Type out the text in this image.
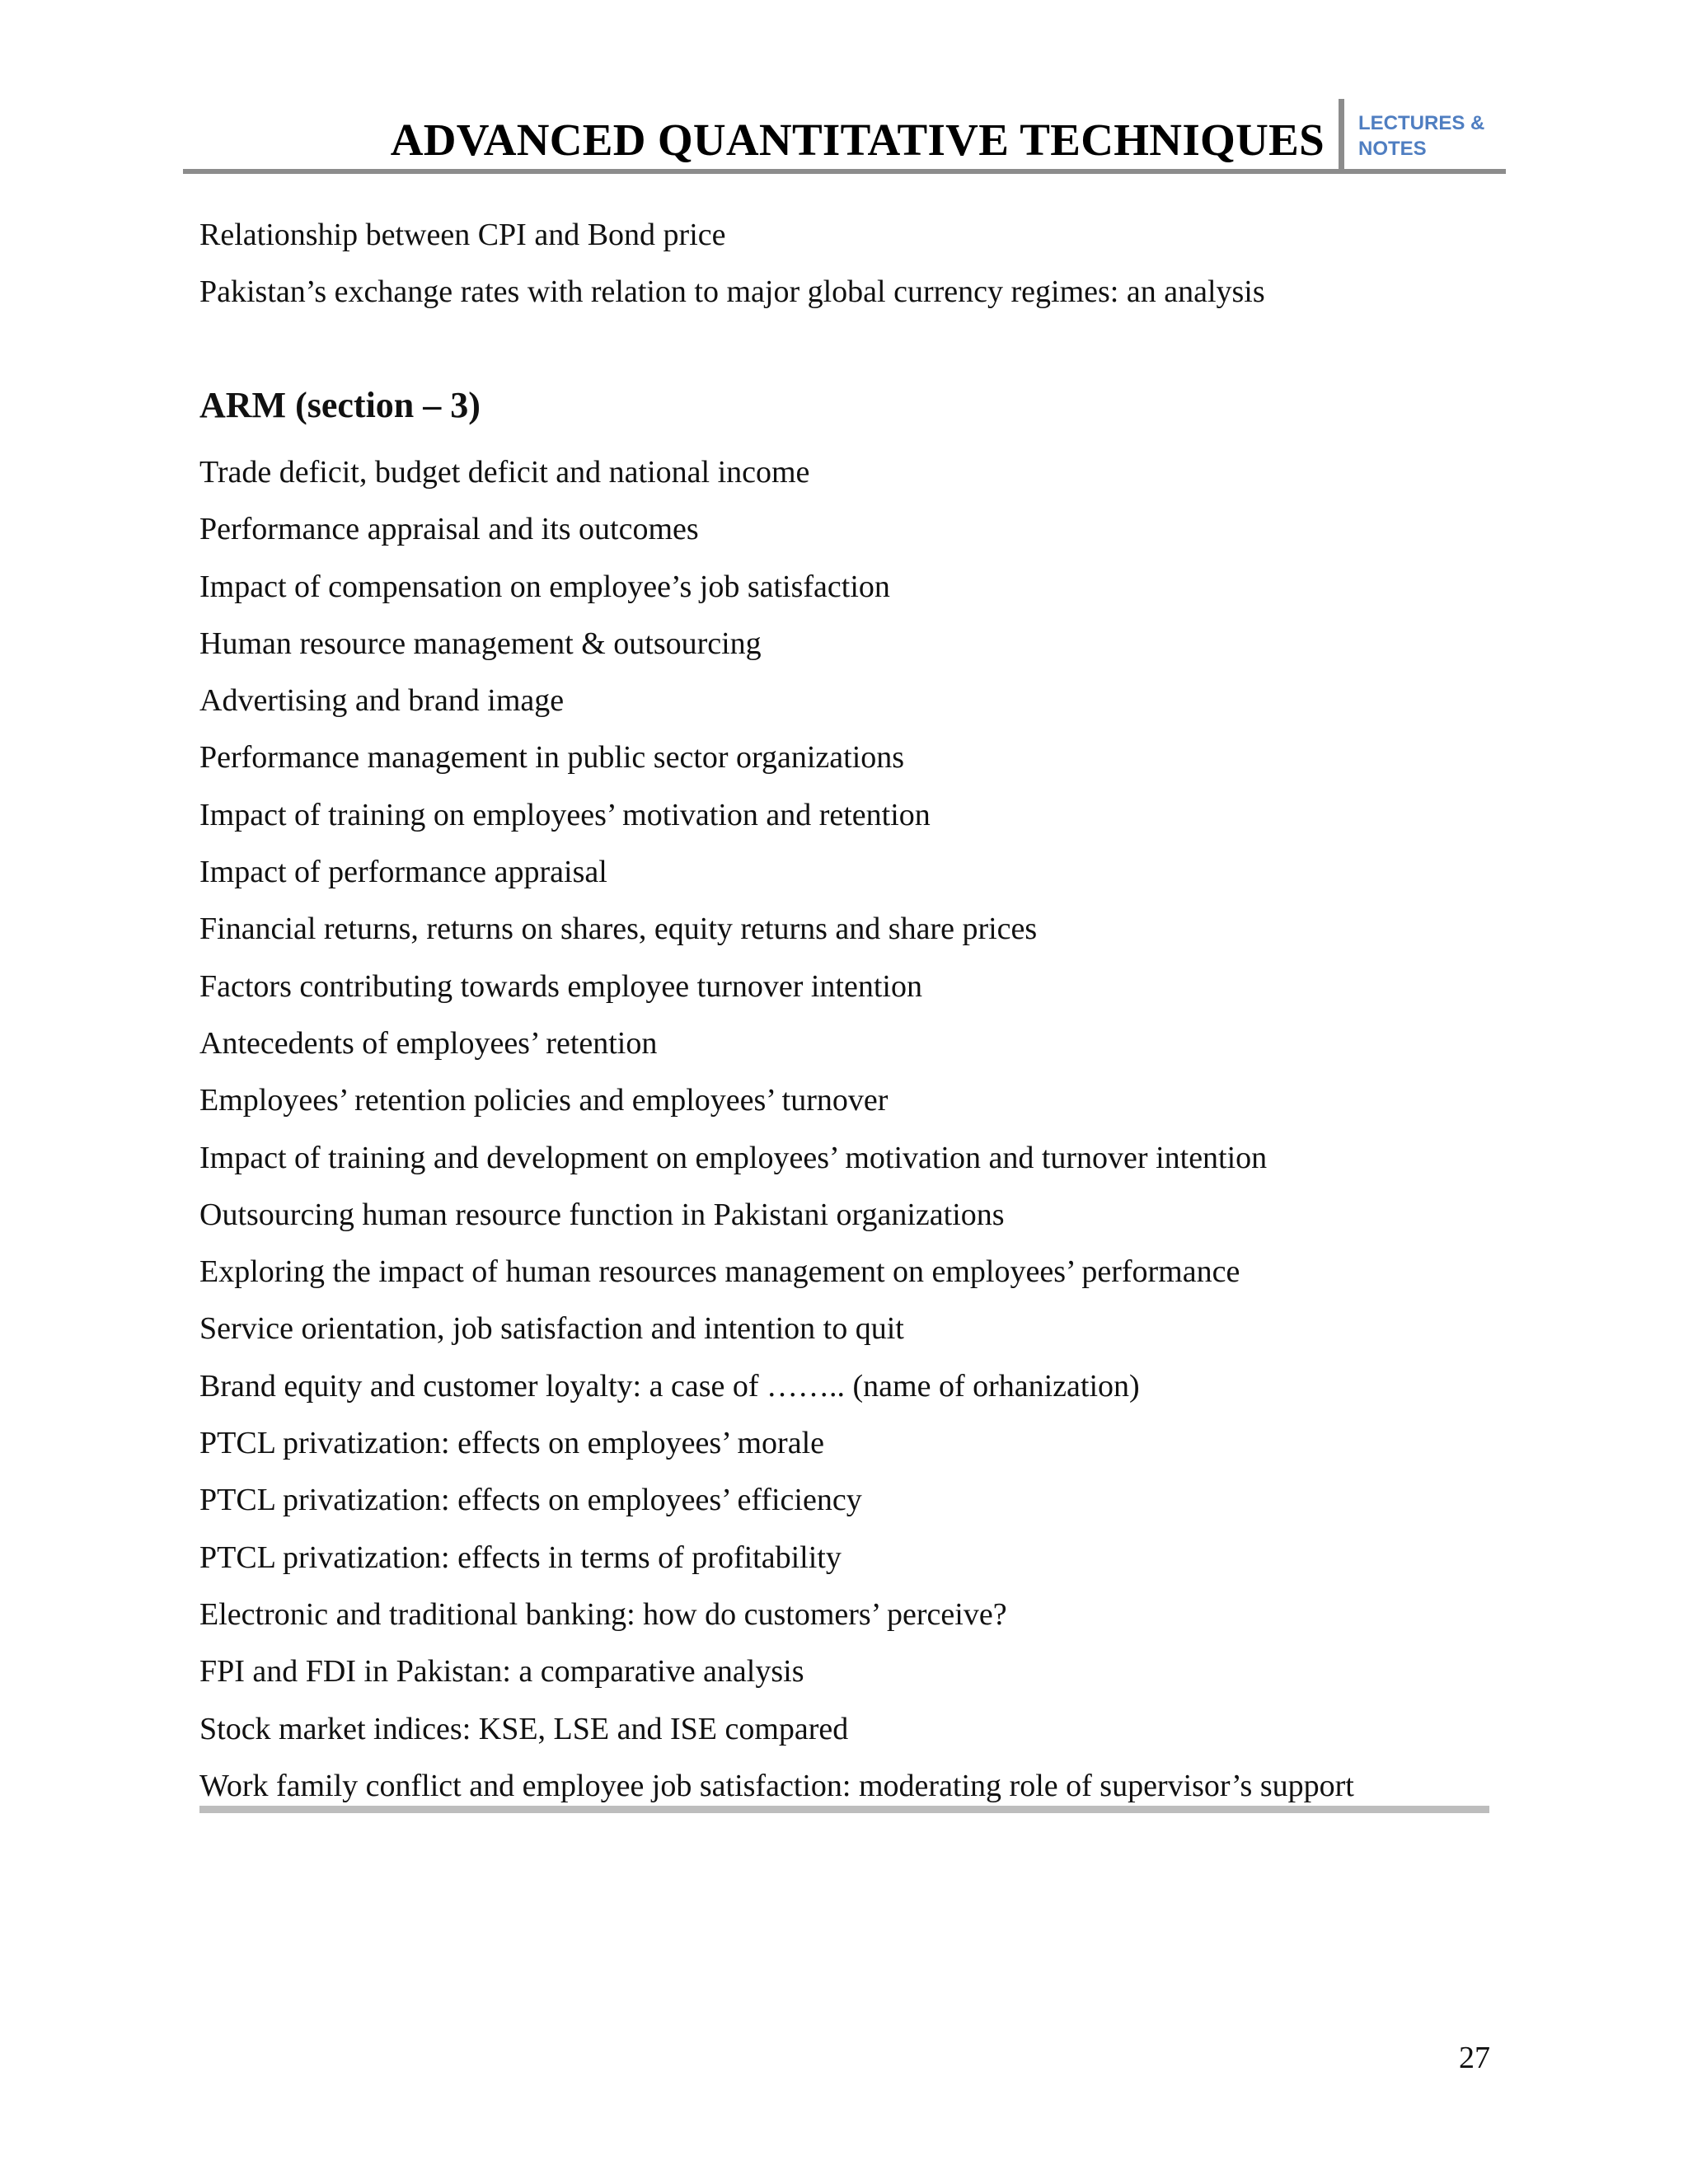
ADVANCED QUANTITATIVE TECHNIQUES LECTURES &
NOTES
Relationship between CPI and Bond price
Pakistan’s exchange rates with relation to major global currency regimes: an analysis
ARM (section – 3)
Trade deficit, budget deficit and national income
Performance appraisal and its outcomes
Impact of compensation on employee’s job satisfaction
Human resource management & outsourcing
Advertising and brand image
Performance management in public sector organizations
Impact of training on employees’ motivation and retention
Impact of performance appraisal
Financial returns, returns on shares, equity returns and share prices
Factors contributing towards employee turnover intention
Antecedents of employees’ retention
Employees’ retention policies and employees’ turnover
Impact of training and development on employees’ motivation and turnover intention
Outsourcing human resource function in Pakistani organizations
Exploring the impact of human resources management on employees’ performance
Service orientation, job satisfaction and intention to quit
Brand equity and customer loyalty: a case of …….. (name of orhanization)
PTCL privatization: effects on employees’ morale
PTCL privatization: effects on employees’ efficiency
PTCL privatization: effects in terms of profitability
Electronic and traditional banking: how do customers’ perceive?
FPI and FDI in Pakistan: a comparative analysis
Stock market indices: KSE, LSE and ISE compared
Work family conflict and employee job satisfaction: moderating role of supervisor’s support
27
